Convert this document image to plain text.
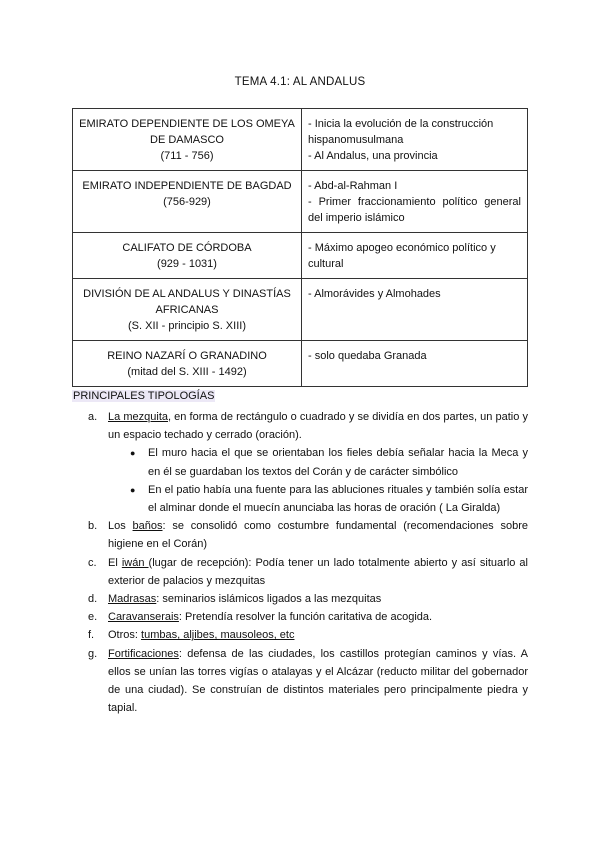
TEMA 4.1: AL ANDALUS
EMIRATO DEPENDIENTE DE LOS OMEYA DE DAMASCO
(711 - 756)	- Inicia la evolución de la construcción hispanomusulmana
- Al Andalus, una provincia

EMIRATO INDEPENDIENTE DE BAGDAD
(756-929)	- Abd-al-Rahman I
- Primer fraccionamiento político general del imperio islámico

CALIFATO DE CÓRDOBA
(929 - 1031)	- Máximo apogeo económico político y cultural

DIVISIÓN DE AL ANDALUS Y DINASTÍAS AFRICANAS
(S. XII - principio S. XIII)	- Almorávides y Almohades

REINO NAZARÍ O GRANADINO
(mitad del S. XIII - 1492)	- solo quedaba Granada
PRINCIPALES TIPOLOGÍAS
a. La mezquita, en forma de rectángulo o cuadrado y se dividía en dos partes, un patio y un espacio techado y cerrado (oración).
● El muro hacia el que se orientaban los fieles debía señalar hacia la Meca y en él se guardaban los textos del Corán y de carácter simbólico
● En el patio había una fuente para las abluciones rituales y también solía estar el alminar donde el muecín anunciaba las horas de oración ( La Giralda)
b. Los baños: se consolidó como costumbre fundamental (recomendaciones sobre higiene en el Corán)
c. El iwán (lugar de recepción): Podía tener un lado totalmente abierto y así situarlo al exterior de palacios y mezquitas
d. Madrasas: seminarios islámicos ligados a las mezquitas
e. Caravanserais: Pretendía resolver la función caritativa de acogida.
f. Otros: tumbas, aljibes, mausoleos, etc
g. Fortificaciones: defensa de las ciudades, los castillos protegían caminos y vías. A ellos se unían las torres vigías o atalayas y el Alcázar (reducto militar del gobernador de una ciudad). Se construían de distintos materiales pero principalmente piedra y tapial.
